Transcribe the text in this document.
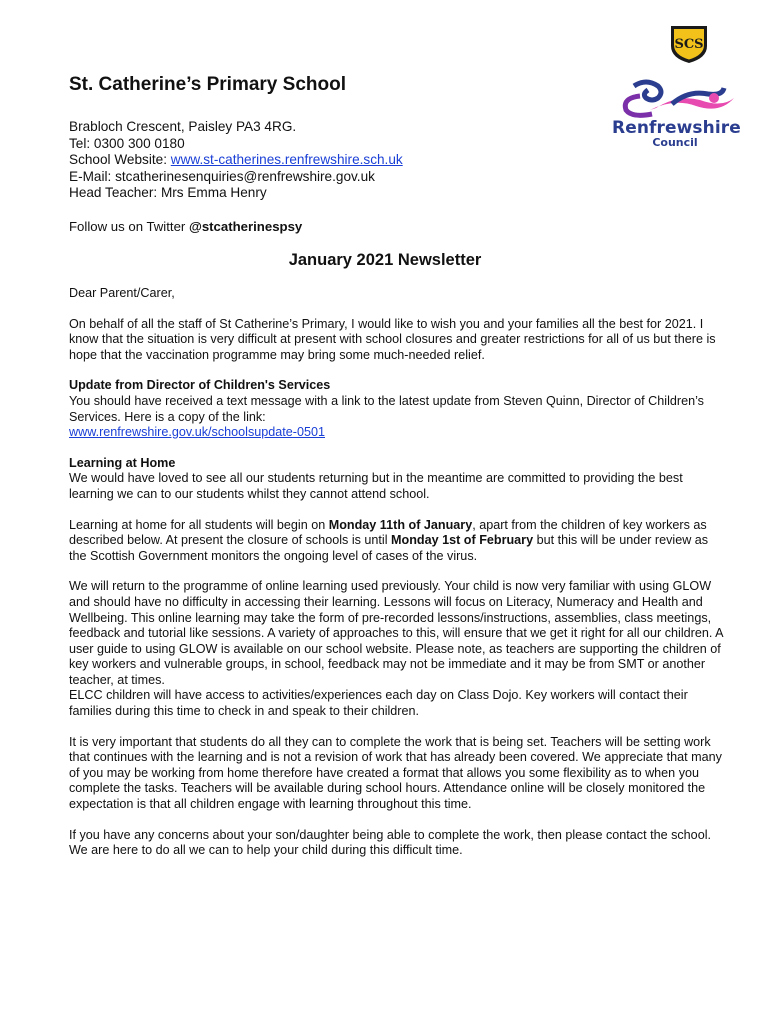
SCS
Renfrewshire
Council
St. Catherine’s Primary School
Brabloch Crescent, Paisley PA3 4RG.
Tel: 0300 300 0180
School Website: www.st-catherines.renfrewshire.sch.uk
E-Mail: stcatherinesenquiries@renfrewshire.gov.uk
Head Teacher: Mrs Emma Henry
Follow us on Twitter @stcatherinespsy
January 2021 Newsletter

Dear Parent/Carer,

On behalf of all the staff of St Catherine’s Primary, I would like to wish you and your families all the best for 2021. I know that the situation is very difficult at present with school closures and greater restrictions for all of us but there is hope that the vaccination programme may bring some much-needed relief.

Update from Director of Children's Services
You should have received a text message with a link to the latest update from Steven Quinn, Director of Children’s Services. Here is a copy of the link:
www.renfrewshire.gov.uk/schoolsupdate-0501

Learning at Home
We would have loved to see all our students returning but in the meantime are committed to providing the best learning we can to our students whilst they cannot attend school.

Learning at home for all students will begin on Monday 11th of January, apart from the children of key workers as described below. At present the closure of schools is until Monday 1st of February but this will be under review as the Scottish Government monitors the ongoing level of cases of the virus.

We will return to the programme of online learning used previously. Your child is now very familiar with using GLOW and should have no difficulty in accessing their learning. Lessons will focus on Literacy, Numeracy and Health and Wellbeing. This online learning may take the form of pre-recorded lessons/instructions, assemblies, class meetings, feedback and tutorial like sessions. A variety of approaches to this, will ensure that we get it right for all our children. A user guide to using GLOW is available on our school website. Please note, as teachers are supporting the children of key workers and vulnerable groups, in school, feedback may not be immediate and it may be from SMT or another teacher, at times.

ELCC children will have access to activities/experiences each day on Class Dojo. Key workers will contact their families during this time to check in and speak to their children.

It is very important that students do all they can to complete the work that is being set. Teachers will be setting work that continues with the learning and is not a revision of work that has already been covered. We appreciate that many of you may be working from home therefore have created a format that allows you some flexibility as to when you complete the tasks. Teachers will be available during school hours. Attendance online will be closely monitored the expectation is that all children engage with learning throughout this time.

If you have any concerns about your son/daughter being able to complete the work, then please contact the school. We are here to do all we can to help your child during this difficult time.
